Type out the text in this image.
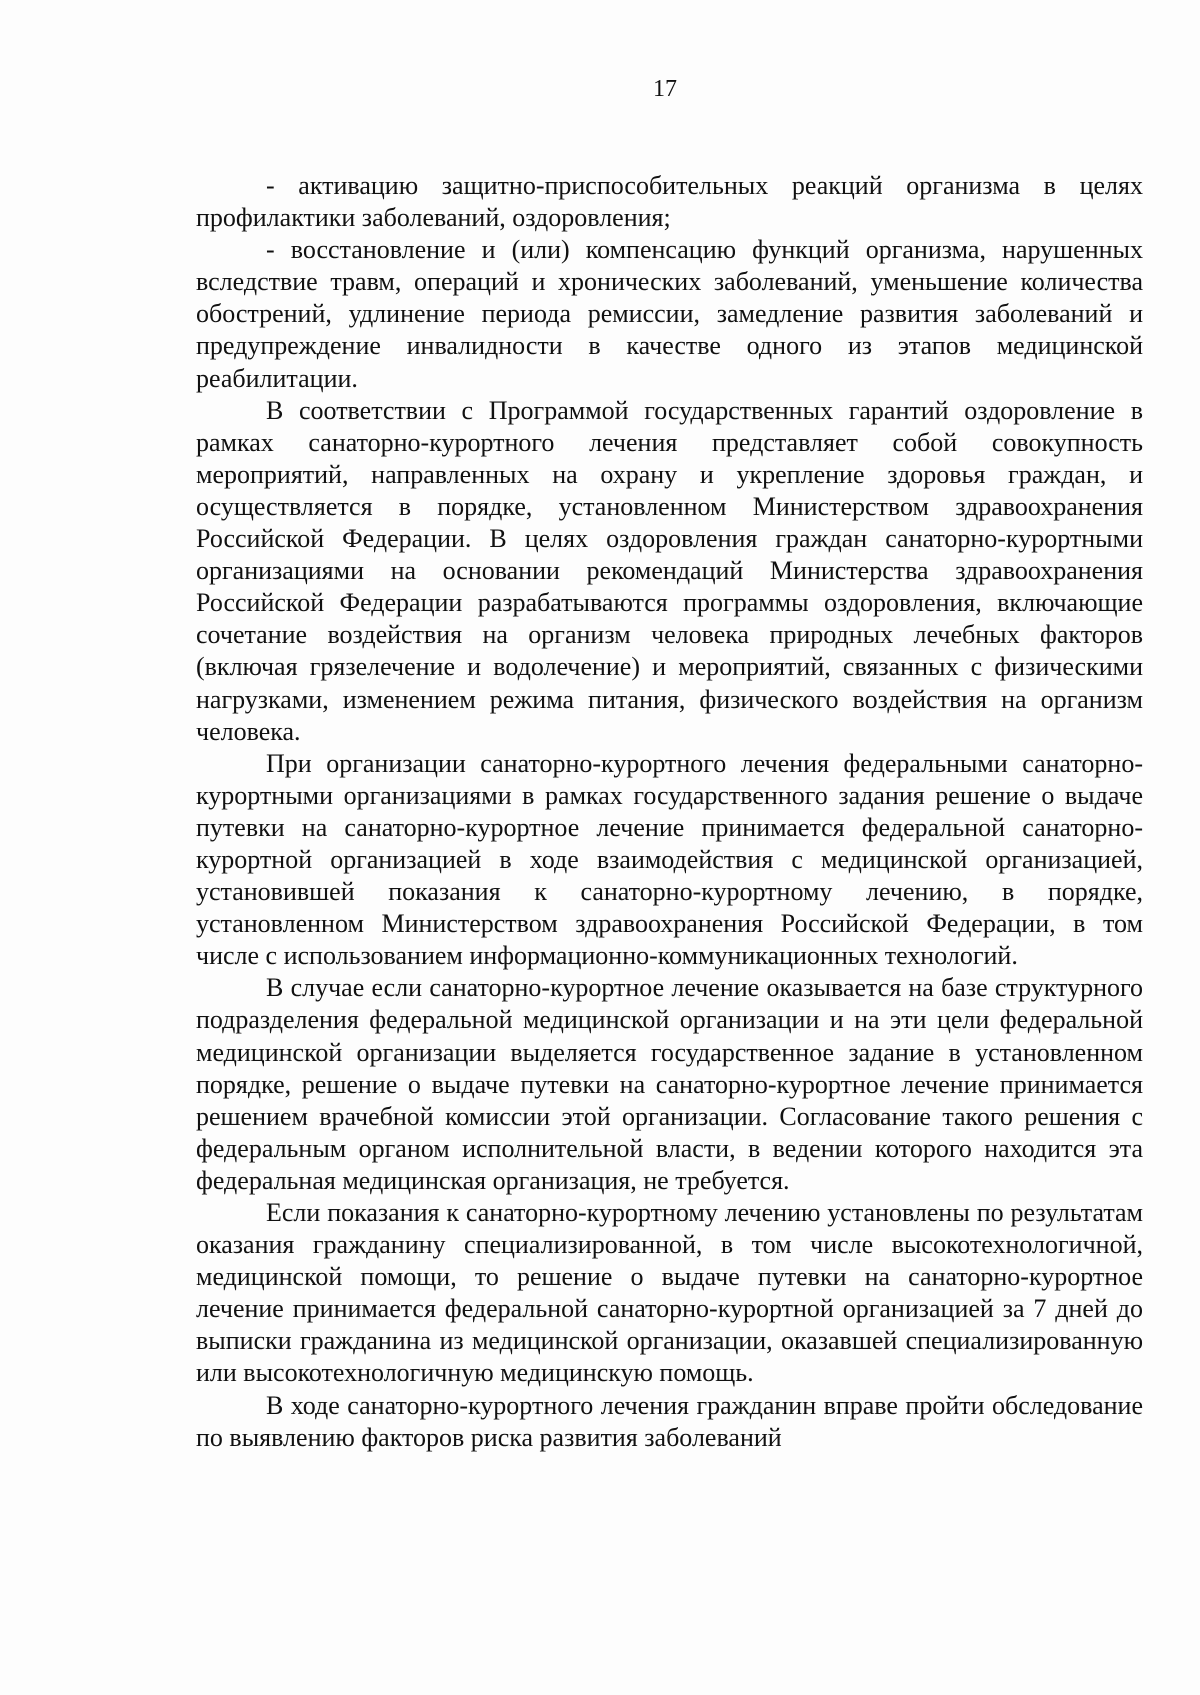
17

- активацию защитно-приспособительных реакций организма в целях профилактики заболеваний, оздоровления;

- восстановление и (или) компенсацию функций организма, нарушенных вследствие травм, операций и хронических заболеваний, уменьшение количества обострений, удлинение периода ремиссии, замедление развития заболеваний и предупреждение инвалидности в качестве одного из этапов медицинской реабилитации.

В соответствии с Программой государственных гарантий оздоровление в рамках санаторно-курортного лечения представляет собой совокупность мероприятий, направленных на охрану и укрепление здоровья граждан, и осуществляется в порядке, установленном Министерством здравоохранения Российской Федерации. В целях оздоровления граждан санаторно-курортными организациями на основании рекомендаций Министерства здравоохранения Российской Федерации разрабатываются программы оздоровления, включающие сочетание воздействия на организм человека природных лечебных факторов (включая грязелечение и водолечение) и мероприятий, связанных с физическими нагрузками, изменением режима питания, физического воздействия на организм человека.

При организации санаторно-курортного лечения федеральными санаторно-курортными организациями в рамках государственного задания решение о выдаче путевки на санаторно-курортное лечение принимается федеральной санаторно-курортной организацией в ходе взаимодействия с медицинской организацией, установившей показания к санаторно-курортному лечению, в порядке, установленном Министерством здравоохранения Российской Федерации, в том числе с использованием информационно-коммуникационных технологий.

В случае если санаторно-курортное лечение оказывается на базе структурного подразделения федеральной медицинской организации и на эти цели федеральной медицинской организации выделяется государственное задание в установленном порядке, решение о выдаче путевки на санаторно-курортное лечение принимается решением врачебной комиссии этой организации. Согласование такого решения с федеральным органом исполнительной власти, в ведении которого находится эта федеральная медицинская организация, не требуется.

Если показания к санаторно-курортному лечению установлены по результатам оказания гражданину специализированной, в том числе высокотехнологичной, медицинской помощи, то решение о выдаче путевки на санаторно-курортное лечение принимается федеральной санаторно-курортной организацией за 7 дней до выписки гражданина из медицинской организации, оказавшей специализированную или высокотехнологичную медицинскую помощь.

В ходе санаторно-курортного лечения гражданин вправе пройти обследование по выявлению факторов риска развития заболеваний
